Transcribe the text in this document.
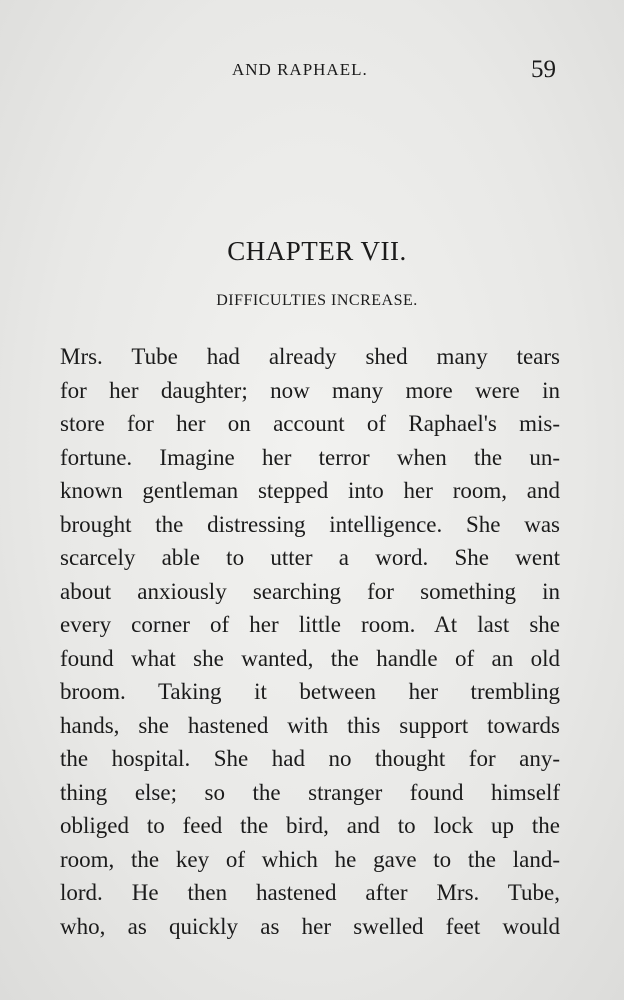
AND RAPHAEL.	59
CHAPTER VII.
DIFFICULTIES INCREASE.
Mrs. Tube had already shed many tears
for her daughter; now many more were in
store for her on account of Raphael's mis-
fortune. Imagine her terror when the un-
known gentleman stepped into her room, and
brought the distressing intelligence. She was
scarcely able to utter a word. She went
about anxiously searching for something in
every corner of her little room. At last she
found what she wanted, the handle of an old
broom. Taking it between her trembling
hands, she hastened with this support towards
the hospital. She had no thought for any-
thing else; so the stranger found himself
obliged to feed the bird, and to lock up the
room, the key of which he gave to the land-
lord. He then hastened after Mrs. Tube,
who, as quickly as her swelled feet would
